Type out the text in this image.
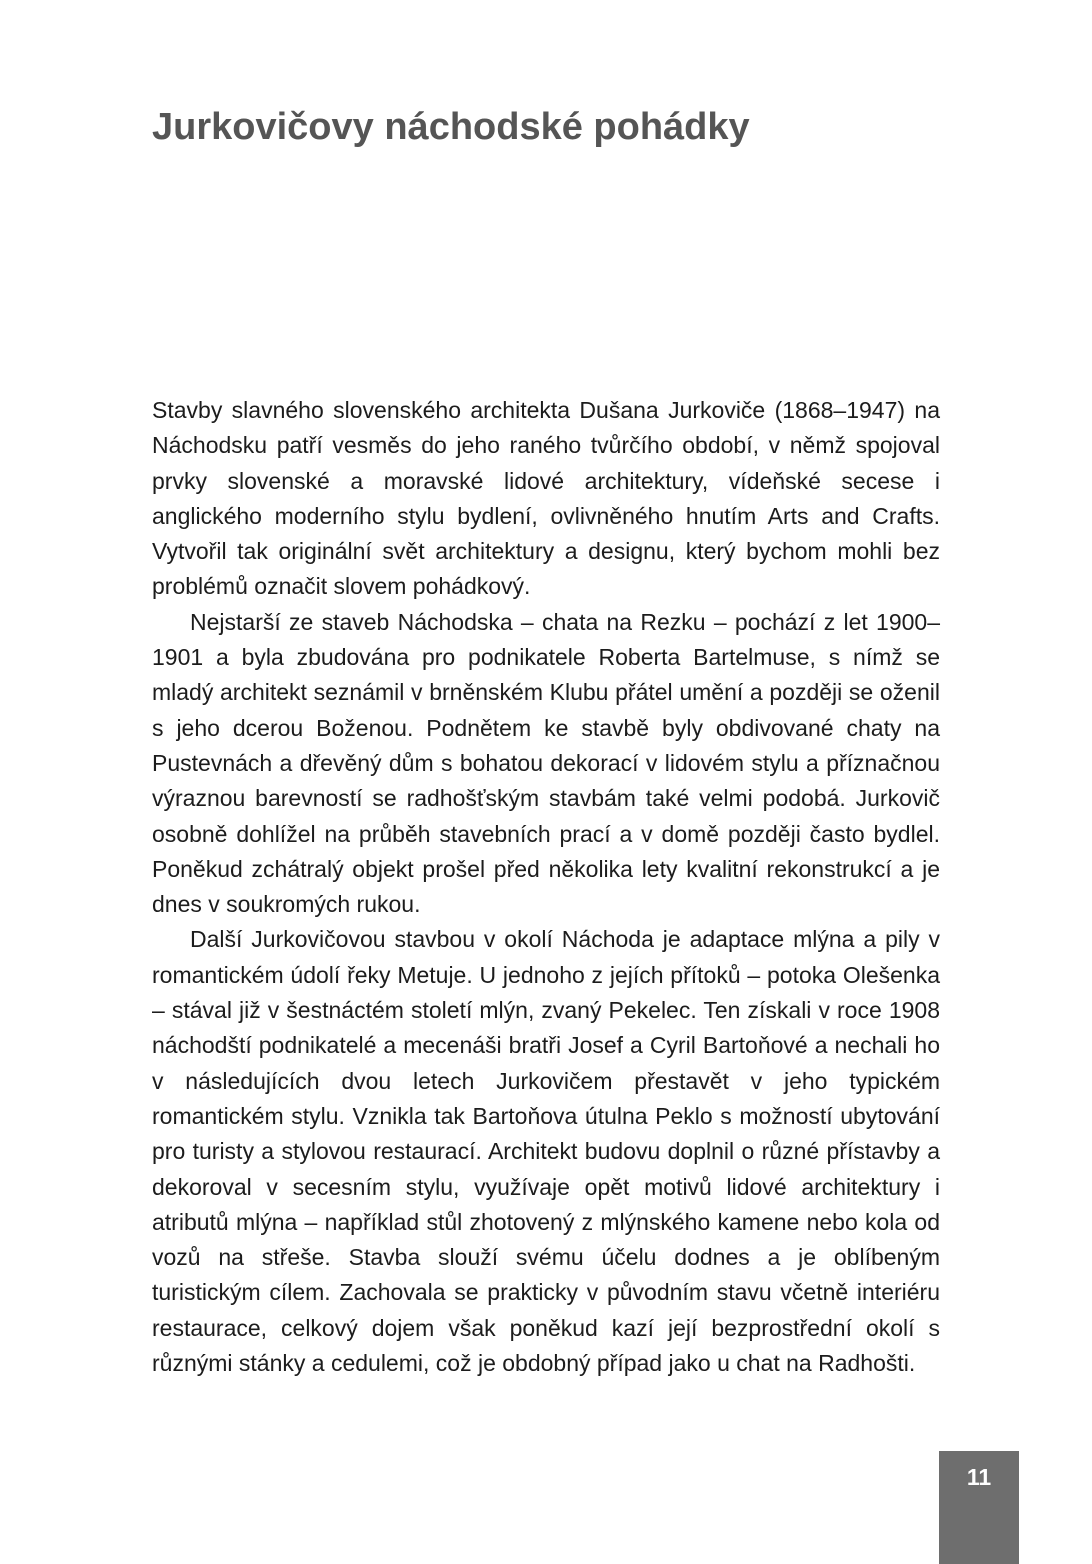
Jurkovičovy náchodské pohádky

Stavby slavného slovenského architekta Dušana Jurkoviče (1868–1947) na Náchodsku patří vesměs do jeho raného tvůrčího období, v němž spojoval prvky slovenské a moravské lidové architektury, vídeňské secese i anglického moderního stylu bydlení, ovlivněného hnutím Arts and Crafts. Vytvořil tak originální svět architektury a designu, který bychom mohli bez problémů označit slovem pohádkový.

Nejstarší ze staveb Náchodska – chata na Rezku – pochází z let 1900–1901 a byla zbudována pro podnikatele Roberta Bartelmuse, s nímž se mladý architekt seznámil v brněnském Klubu přátel umění a později se oženil s jeho dcerou Boženou. Podnětem ke stavbě byly obdivované chaty na Pustevnách a dřevěný dům s bohatou dekorací v lidovém stylu a příznačnou výraznou barevností se radhošťským stavbám také velmi podobá. Jurkovič osobně dohlížel na průběh stavebních prací a v domě později často bydlel. Poněkud zchátralý objekt prošel před několika lety kvalitní rekonstrukcí a je dnes v soukromých rukou.

Další Jurkovičovou stavbou v okolí Náchoda je adaptace mlýna a pily v romantickém údolí řeky Metuje. U jednoho z jejích přítoků – potoka Olešenka – stával již v šestnáctém století mlýn, zvaný Pekelec. Ten získali v roce 1908 náchodští podnikatelé a mecenáši bratři Josef a Cyril Bartoňové a nechali ho v následujících dvou letech Jurkovičem přestavět v jeho typickém romantickém stylu. Vznikla tak Bartoňova útulna Peklo s možností ubytování pro turisty a stylovou restaurací. Architekt budovu doplnil o různé přístavby a dekoroval v secesním stylu, využívaje opět motivů lidové architektury i atributů mlýna – například stůl zhotovený z mlýnského kamene nebo kola od vozů na střeše. Stavba slouží svému účelu dodnes a je oblíbeným turistickým cílem. Zachovala se prakticky v původním stavu včetně interiéru restaurace, celkový dojem však poněkud kazí její bezprostřední okolí s různými stánky a cedulemi, což je obdobný případ jako u chat na Radhošti.

11
